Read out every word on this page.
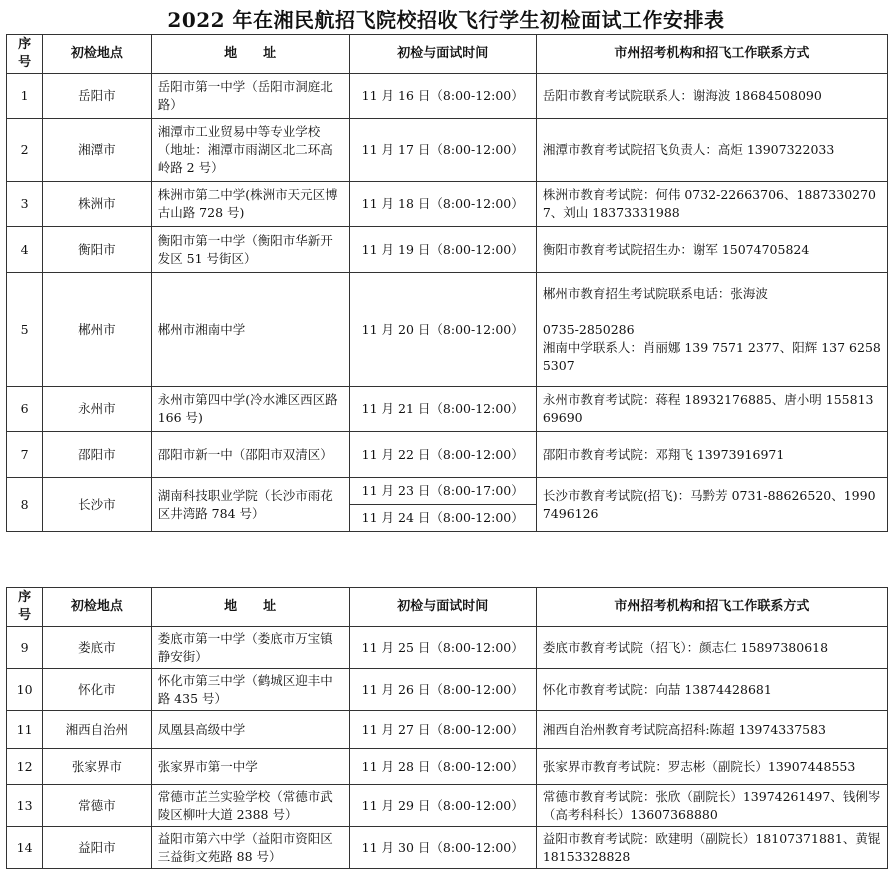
2022 年在湘民航招飞院校招收飞行学生初检面试工作安排表
序号	初检地点	地　　址	初检与面试时间	市州招考机构和招飞工作联系方式
1	岳阳市	岳阳市第一中学（岳阳市洞庭北路）	11 月 16 日（8:00-12:00）	岳阳市教育考试院联系人：谢海波 18684508090
2	湘潭市	湘潭市工业贸易中等专业学校（地址：湘潭市雨湖区北二环高岭路 2 号）	11 月 17 日（8:00-12:00）	湘潭市教育考试院招飞负责人：高炬 13907322033
3	株洲市	株洲市第二中学(株洲市天元区博古山路 728 号)	11 月 18 日（8:00-12:00）	株洲市教育考试院：何伟 0732-22663706、18873302707、刘山 18373331988
4	衡阳市	衡阳市第一中学（衡阳市华新开发区 51 号街区）	11 月 19 日（8:00-12:00）	衡阳市教育考试院招生办：谢军 15074705824
5	郴州市	郴州市湘南中学	11 月 20 日（8:00-12:00）	郴州市教育招生考试院联系电话：张海波
0735-2850286
湘南中学联系人：肖丽娜 139 7571 2377、阳辉 137 6258 5307

6	永州市	永州市第四中学(冷水滩区西区路 166 号)	11 月 21 日（8:00-12:00）	永州市教育考试院：蒋程 18932176885、唐小明 15581369690
7	邵阳市	邵阳市新一中（邵阳市双清区）	11 月 22 日（8:00-12:00）	邵阳市教育考试院：邓翔飞 13973916971
8	长沙市	湖南科技职业学院（长沙市雨花区井湾路 784 号）	11 月 23 日（8:00-17:00）	长沙市教育考试院(招飞)：马黔芳 0731-88626520、19907496126
			11 月 24 日（8:00-12:00）	
序号	初检地点	地　　址	初检与面试时间	市州招考机构和招飞工作联系方式
9	娄底市	娄底市第一中学（娄底市万宝镇静安街）	11 月 25 日（8:00-12:00）	娄底市教育考试院（招飞）：颜志仁 15897380618
10	怀化市	怀化市第三中学（鹤城区迎丰中路 435 号）	11 月 26 日（8:00-12:00）	怀化市教育考试院：向喆 13874428681
11	湘西自治州	凤凰县高级中学	11 月 27 日（8:00-12:00）	湘西自治州教育考试院高招科:陈超 13974337583
12	张家界市	张家界市第一中学	11 月 28 日（8:00-12:00）	张家界市教育考试院：罗志彬（副院长）13907448553
13	常德市	常德市芷兰实验学校（常德市武陵区柳叶大道 2388 号）	11 月 29 日（8:00-12:00）	常德市教育考试院：张欣（副院长）13974261497、钱俐岑（高考科科长）13607368880
14	益阳市	益阳市第六中学（益阳市资阳区三益街文苑路 88 号）	11 月 30 日（8:00-12:00）	益阳市教育考试院：欧建明（副院长）18107371881、黄锟 18153328828
